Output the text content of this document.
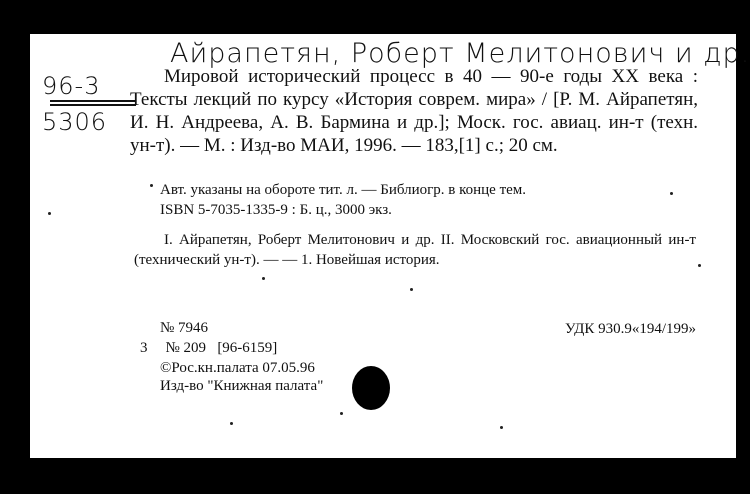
Айрапетян, Роберт Мелитонович и др.
96-3
5306

Мировой исторический процесс в 40 — 90-е годы XX века : Тексты лекций по курсу «История соврем. мира» / [Р. М. Айрапетян, И. Н. Андреева, А. В. Бармина и др.]; Моск. гос. авиац. ин-т (техн. ун-т). — М. : Изд-во МАИ, 1996. — 183,[1] с.; 20 см.

Авт. указаны на обороте тит. л. — Библиогр. в конце тем.
ISBN 5-7035-1335-9 : Б. ц., 3000 экз.

I. Айрапетян, Роберт Мелитонович и др. II. Московский гос. авиационный ин-т (технический ун-т). — — 1. Новейшая история.

№ 7946	УДК 930.9«194/199»
3 № 209 [96-6159]
©Рос.кн.палата 07.05.96
Изд-во "Книжная палата"
